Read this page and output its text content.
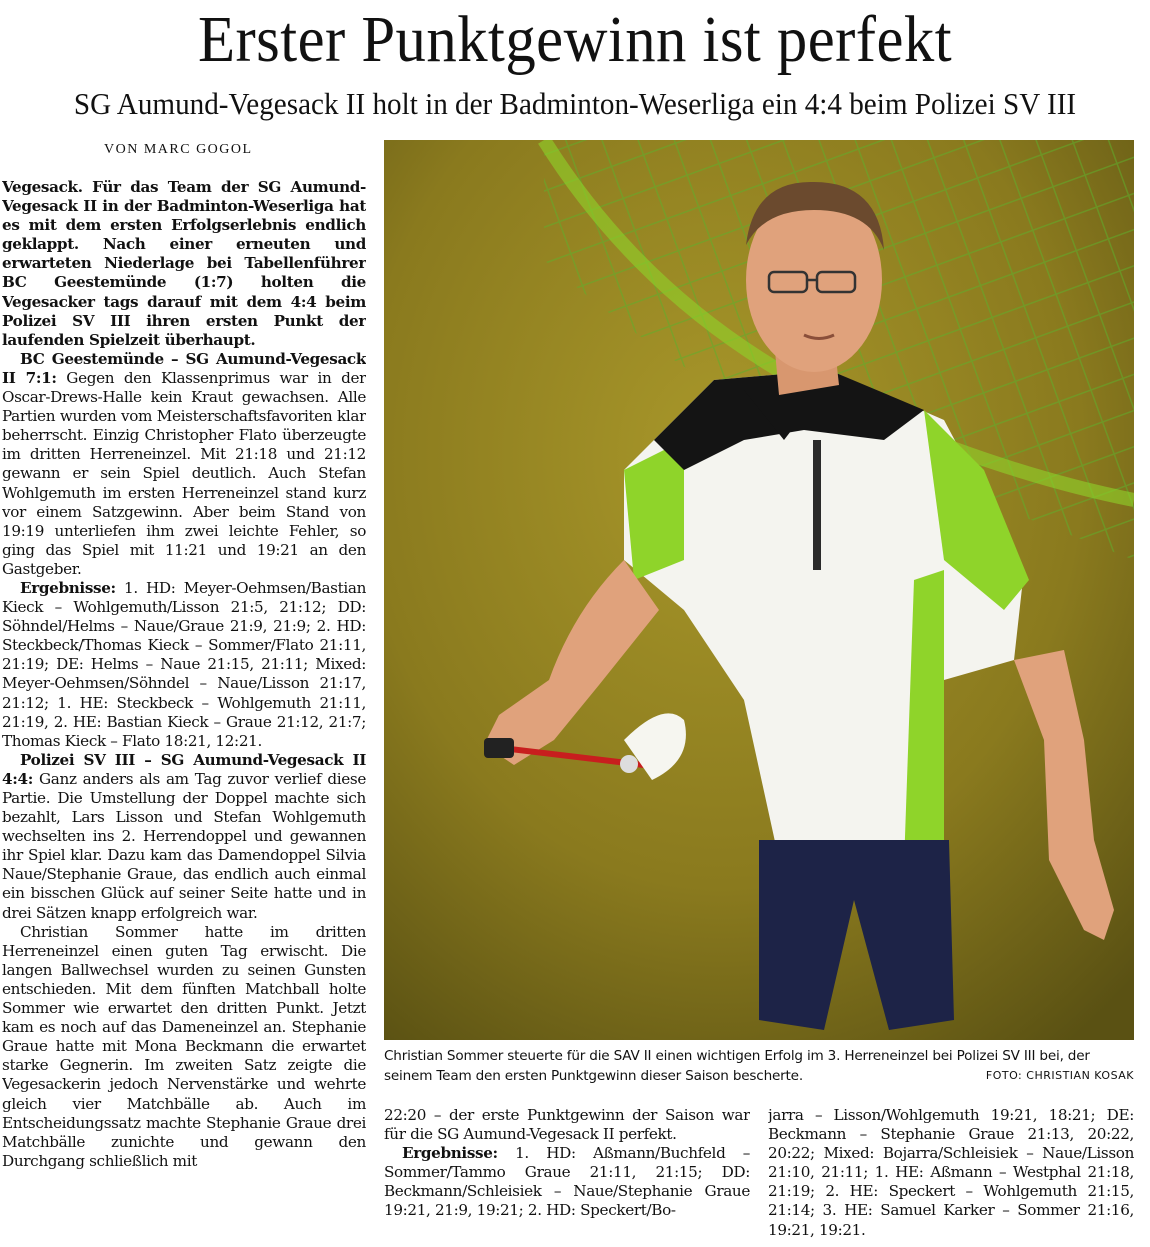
Erster Punktgewinn ist perfekt
SG Aumund-Vegesack II holt in der Badminton-Weserliga ein 4:4 beim Polizei SV III
VON MARC GOGOL

Vegesack. Für das Team der SG Aumund-Vegesack II in der Badminton-Weserliga hat es mit dem ersten Erfolgserlebnis endlich geklappt. Nach einer erneuten und erwarteten Niederlage bei Tabellenführer BC Geestemünde (1:7) holten die Vegesacker tags darauf mit dem 4:4 beim Polizei SV III ihren ersten Punkt der laufenden Spielzeit überhaupt.

BC Geestemünde – SG Aumund-Vegesack II 7:1: Gegen den Klassenprimus war in der Oscar-Drews-Halle kein Kraut gewachsen. Alle Partien wurden vom Meisterschaftsfavoriten klar beherrscht. Einzig Christopher Flato überzeugte im dritten Herreneinzel. Mit 21:18 und 21:12 gewann er sein Spiel deutlich. Auch Stefan Wohlgemuth im ersten Herreneinzel stand kurz vor einem Satzgewinn. Aber beim Stand von 19:19 unterliefen ihm zwei leichte Fehler, so ging das Spiel mit 11:21 und 19:21 an den Gastgeber.

Ergebnisse: 1. HD: Meyer-Oehmsen/Bastian Kieck – Wohlgemuth/Lisson 21:5, 21:12; DD: Söhndel/Helms – Naue/Graue 21:9, 21:9; 2. HD: Steckbeck/Thomas Kieck – Sommer/Flato 21:11, 21:19; DE: Helms – Naue 21:15, 21:11; Mixed: Meyer-Oehmsen/Söhndel – Naue/Lisson 21:17, 21:12; 1. HE: Steckbeck – Wohlgemuth 21:11, 21:19, 2. HE: Bastian Kieck – Graue 21:12, 21:7; Thomas Kieck – Flato 18:21, 12:21.

Polizei SV III – SG Aumund-Vegesack II 4:4: Ganz anders als am Tag zuvor verlief diese Partie. Die Umstellung der Doppel machte sich bezahlt, Lars Lisson und Stefan Wohlgemuth wechselten ins 2. Herrendoppel und gewannen ihr Spiel klar. Dazu kam das Damendoppel Silvia Naue/Stephanie Graue, das endlich auch einmal ein bisschen Glück auf seiner Seite hatte und in drei Sätzen knapp erfolgreich war.

Christian Sommer hatte im dritten Herreneinzel einen guten Tag erwischt. Die langen Ballwechsel wurden zu seinen Gunsten entschieden. Mit dem fünften Matchball holte Sommer wie erwartet den dritten Punkt. Jetzt kam es noch auf das Dameneinzel an. Stephanie Graue hatte mit Mona Beckmann die erwartet starke Gegnerin. Im zweiten Satz zeigte die Vegesackerin jedoch Nervenstärke und wehrte gleich vier Matchbälle ab. Auch im Entscheidungssatz machte Stephanie Graue drei Matchbälle zunichte und gewann den Durchgang schließlich mit

Christian Sommer steuerte für die SAV II einen wichtigen Erfolg im 3. Herreneinzel bei Polizei SV III bei, der seinem Team den ersten Punktgewinn dieser Saison bescherte.	FOTO: CHRISTIAN KOSAK

22:20 – der erste Punktgewinn der Saison war für die SG Aumund-Vegesack II perfekt.

Ergebnisse: 1. HD: Aßmann/Buchfeld – Sommer/Tammo Graue 21:11, 21:15; DD: Beckmann/Schleisiek – Naue/Stephanie Graue 19:21, 21:9, 19:21; 2. HD: Speckert/Bo-

jarra – Lisson/Wohlgemuth 19:21, 18:21; DE: Beckmann – Stephanie Graue 21:13, 20:22, 20:22; Mixed: Bojarra/Schleisiek – Naue/Lisson 21:10, 21:11; 1. HE: Aßmann – Westphal 21:18, 21:19; 2. HE: Speckert – Wohlgemuth 21:15, 21:14; 3. HE: Samuel Karker – Sommer 21:16, 19:21, 19:21.
